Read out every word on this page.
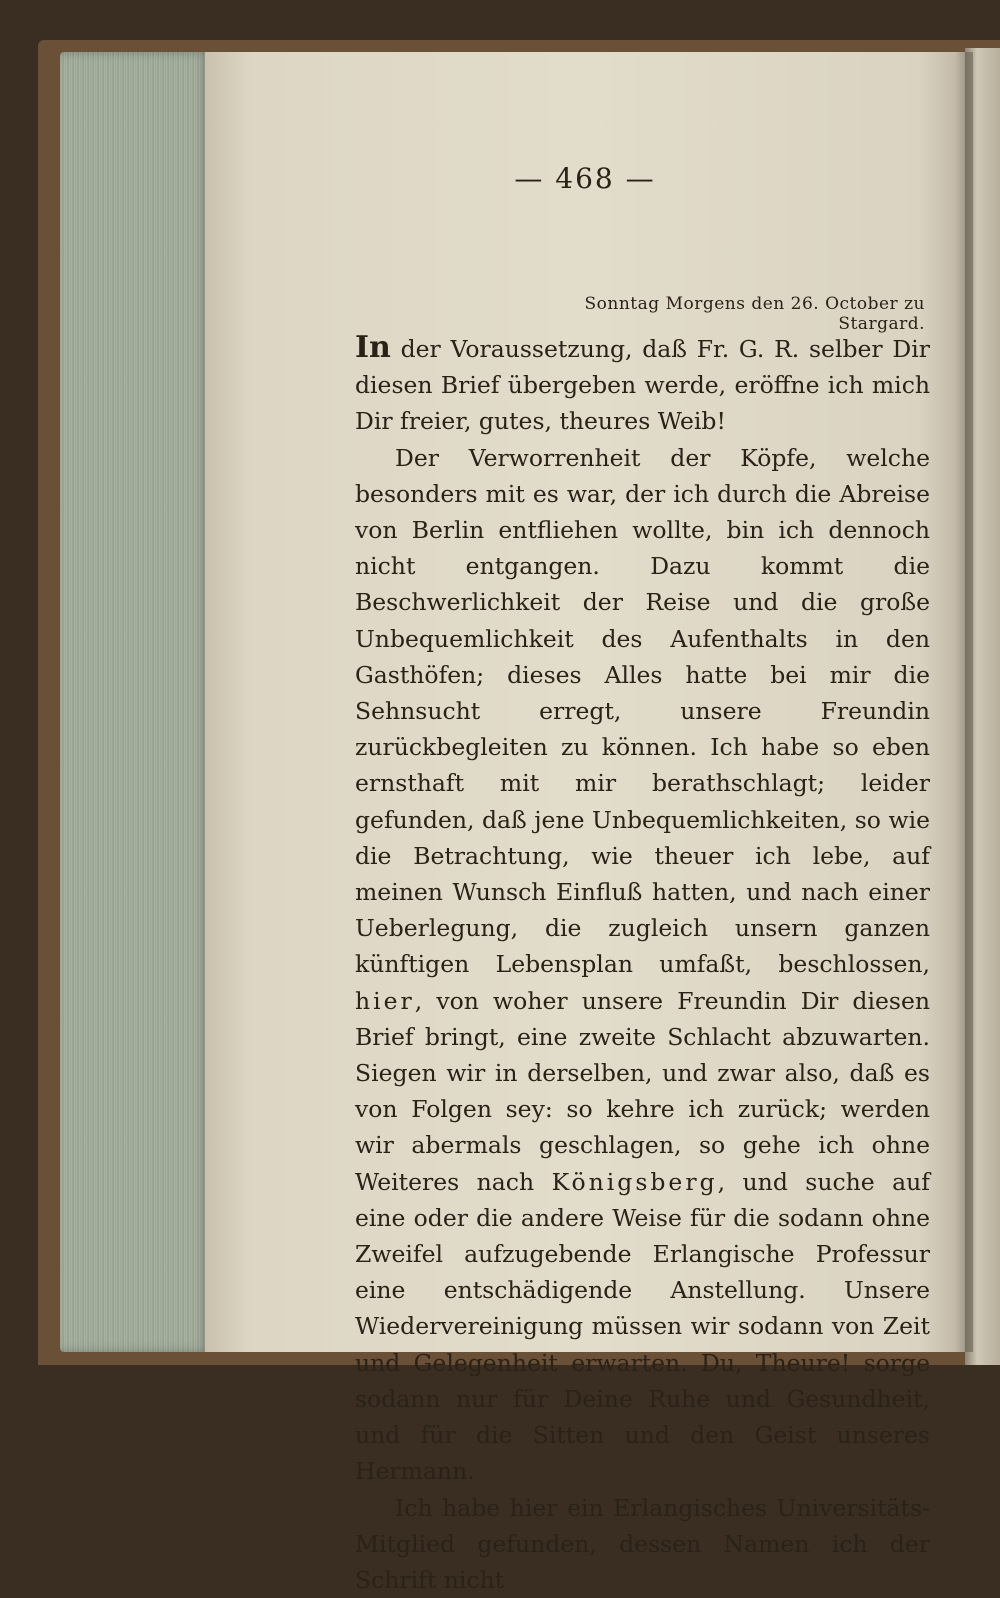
— 468 —
Sonntag Morgens den 26. October zu Stargard.

In der Voraussetzung, daß Fr. G. R. selber Dir diesen Brief übergeben werde, eröffne ich mich Dir freier, gutes, theures Weib!

Der Verworrenheit der Köpfe, welche besonders mit es war, der ich durch die Abreise von Berlin entfliehen wollte, bin ich dennoch nicht entgangen. Dazu kommt die Beschwerlichkeit der Reise und die große Unbequemlichkeit des Aufenthalts in den Gasthöfen; dieses Alles hatte bei mir die Sehnsucht erregt, unsere Freundin zurückbegleiten zu können. Ich habe so eben ernsthaft mit mir berathschlagt; leider gefunden, daß jene Unbequemlichkeiten, so wie die Betrachtung, wie theuer ich lebe, auf meinen Wunsch Einfluß hatten, und nach einer Ueberlegung, die zugleich unsern ganzen künftigen Lebensplan umfaßt, beschlossen, hier, von woher unsere Freundin Dir diesen Brief bringt, eine zweite Schlacht abzuwarten. Siegen wir in derselben, und zwar also, daß es von Folgen sey: so kehre ich zurück; werden wir abermals geschlagen, so gehe ich ohne Weiteres nach Königsberg, und suche auf eine oder die andere Weise für die sodann ohne Zweifel aufzugebende Erlangische Professur eine entschädigende Anstellung. Unsere Wiedervereinigung müssen wir sodann von Zeit und Gelegenheit erwarten. Du, Theure! sorge sodann nur für Deine Ruhe und Gesundheit, und für die Sitten und den Geist unseres Hermann.

Ich habe hier ein Erlangisches Universitäts-Mitglied gefunden, dessen Namen ich der Schrift nicht
